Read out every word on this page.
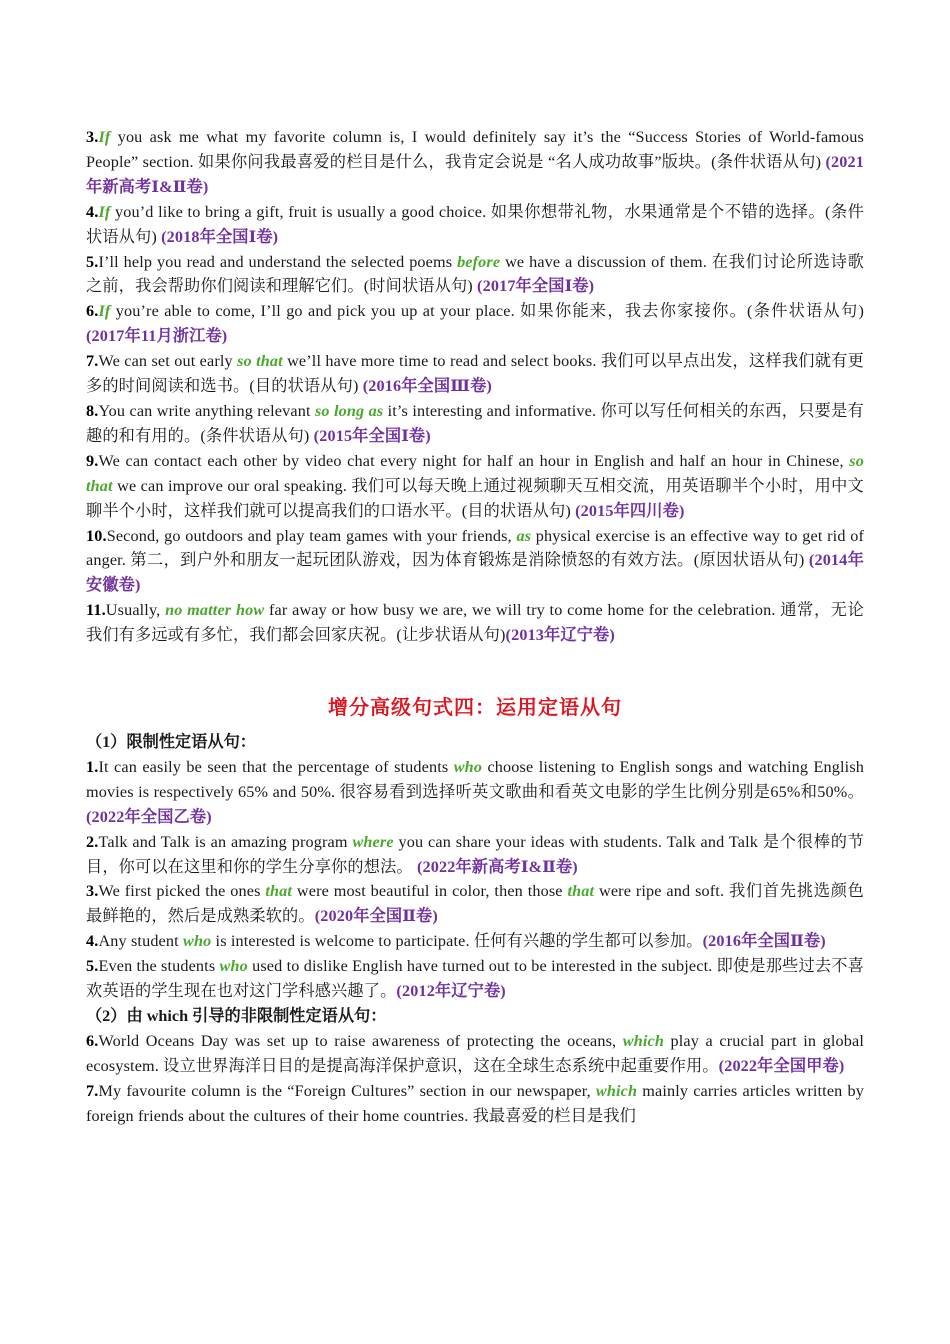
3.If you ask me what my favorite column is, I would definitely say it’s the “Success Stories of World-famous People” section. 如果你问我最喜爱的栏目是什么，我肯定会说是 “名人成功故事”版块。(条件状语从句) (2021年新高考Ⅰ&Ⅱ卷)

4.If you’d like to bring a gift, fruit is usually a good choice. 如果你想带礼物，水果通常是个不错的选择。(条件状语从句) (2018年全国Ⅰ卷)

5.I’ll help you read and understand the selected poems before we have a discussion of them. 在我们讨论所选诗歌之前，我会帮助你们阅读和理解它们。(时间状语从句) (2017年全国Ⅰ卷)

6.If you’re able to come, I’ll go and pick you up at your place. 如果你能来，我去你家接你。(条件状语从句) (2017年11月浙江卷)

7.We can set out early so that we’ll have more time to read and select books. 我们可以早点出发，这样我们就有更多的时间阅读和选书。(目的状语从句) (2016年全国Ⅲ卷)

8.You can write anything relevant so long as it’s interesting and informative. 你可以写任何相关的东西，只要是有趣的和有用的。(条件状语从句) (2015年全国Ⅰ卷)

9.We can contact each other by video chat every night for half an hour in English and half an hour in Chinese, so that we can improve our oral speaking. 我们可以每天晚上通过视频聊天互相交流，用英语聊半个小时，用中文聊半个小时，这样我们就可以提高我们的口语水平。(目的状语从句) (2015年四川卷)

10.Second, go outdoors and play team games with your friends, as physical exercise is an effective way to get rid of anger. 第二，到户外和朋友一起玩团队游戏，因为体育锻炼是消除愤怒的有效方法。(原因状语从句) (2014年安徽卷)

11.Usually, no matter how far away or how busy we are, we will try to come home for the celebration. 通常，无论我们有多远或有多忙，我们都会回家庆祝。(让步状语从句)(2013年辽宁卷)

增分高级句式四：运用定语从句

（1）限制性定语从句：

1.It can easily be seen that the percentage of students who choose listening to English songs and watching English movies is respectively 65% and 50%. 很容易看到选择听英文歌曲和看英文电影的学生比例分别是65%和50%。 (2022年全国乙卷)

2.Talk and Talk is an amazing program where you can share your ideas with students. Talk and Talk 是个很棒的节目，你可以在这里和你的学生分享你的想法。 (2022年新高考Ⅰ&Ⅱ卷)

3.We first picked the ones that were most beautiful in color, then those that were ripe and soft. 我们首先挑选颜色最鲜艳的，然后是成熟柔软的。(2020年全国Ⅱ卷)

4.Any student who is interested is welcome to participate. 任何有兴趣的学生都可以参加。(2016年全国Ⅱ卷)

5.Even the students who used to dislike English have turned out to be interested in the subject. 即使是那些过去不喜欢英语的学生现在也对这门学科感兴趣了。(2012年辽宁卷)

（2）由 which 引导的非限制性定语从句：

6.World Oceans Day was set up to raise awareness of protecting the oceans, which play a crucial part in global ecosystem. 设立世界海洋日目的是提高海洋保护意识，这在全球生态系统中起重要作用。(2022年全国甲卷)

7.My favourite column is the “Foreign Cultures” section in our newspaper, which mainly carries articles written by foreign friends about the cultures of their home countries. 我最喜爱的栏目是我们
